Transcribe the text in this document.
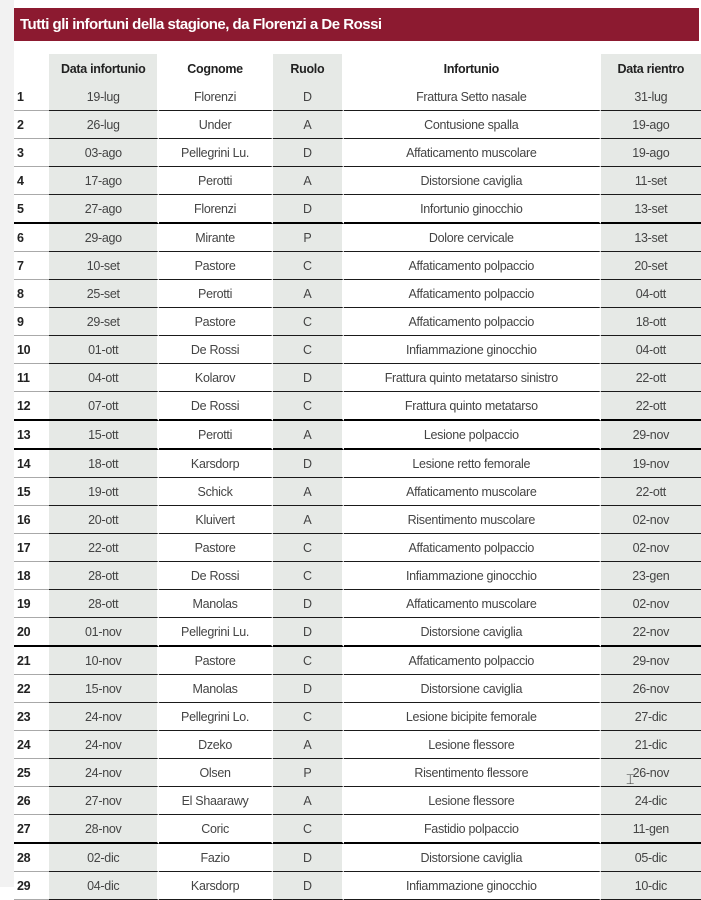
Tutti gli infortuni della stagione, da Florenzi a De Rossi
	Data infortunio	Cognome	Ruolo	Infortunio	Data rientro
1	19-lug	Florenzi	D	Frattura Setto nasale	31-lug
2	26-lug	Under	A	Contusione spalla	19-ago
3	03-ago	Pellegrini Lu.	D	Affaticamento muscolare	19-ago
4	17-ago	Perotti	A	Distorsione caviglia	11-set
5	27-ago	Florenzi	D	Infortunio ginocchio	13-set
6	29-ago	Mirante	P	Dolore cervicale	13-set
7	10-set	Pastore	C	Affaticamento polpaccio	20-set
8	25-set	Perotti	A	Affaticamento polpaccio	04-ott
9	29-set	Pastore	C	Affaticamento polpaccio	18-ott
10	01-ott	De Rossi	C	Infiammazione ginocchio	04-ott
11	04-ott	Kolarov	D	Frattura quinto metatarso sinistro	22-ott
12	07-ott	De Rossi	C	Frattura quinto metatarso	22-ott
13	15-ott	Perotti	A	Lesione polpaccio	29-nov
14	18-ott	Karsdorp	D	Lesione retto femorale	19-nov
15	19-ott	Schick	A	Affaticamento muscolare	22-ott
16	20-ott	Kluivert	A	Risentimento muscolare	02-nov
17	22-ott	Pastore	C	Affaticamento polpaccio	02-nov
18	28-ott	De Rossi	C	Infiammazione ginocchio	23-gen
19	28-ott	Manolas	D	Affaticamento muscolare	02-nov
20	01-nov	Pellegrini Lu.	D	Distorsione caviglia	22-nov
21	10-nov	Pastore	C	Affaticamento polpaccio	29-nov
22	15-nov	Manolas	D	Distorsione caviglia	26-nov
23	24-nov	Pellegrini Lo.	C	Lesione bicipite femorale	27-dic
24	24-nov	Dzeko	A	Lesione flessore	21-dic
25	24-nov	Olsen	P	Risentimento flessore	26-nov
26	27-nov	El Shaarawy	A	Lesione flessore	24-dic
27	28-nov	Coric	C	Fastidio polpaccio	11-gen
28	02-dic	Fazio	D	Distorsione caviglia	05-dic
29	04-dic	Karsdorp	D	Infiammazione ginocchio	10-dic
⌶
